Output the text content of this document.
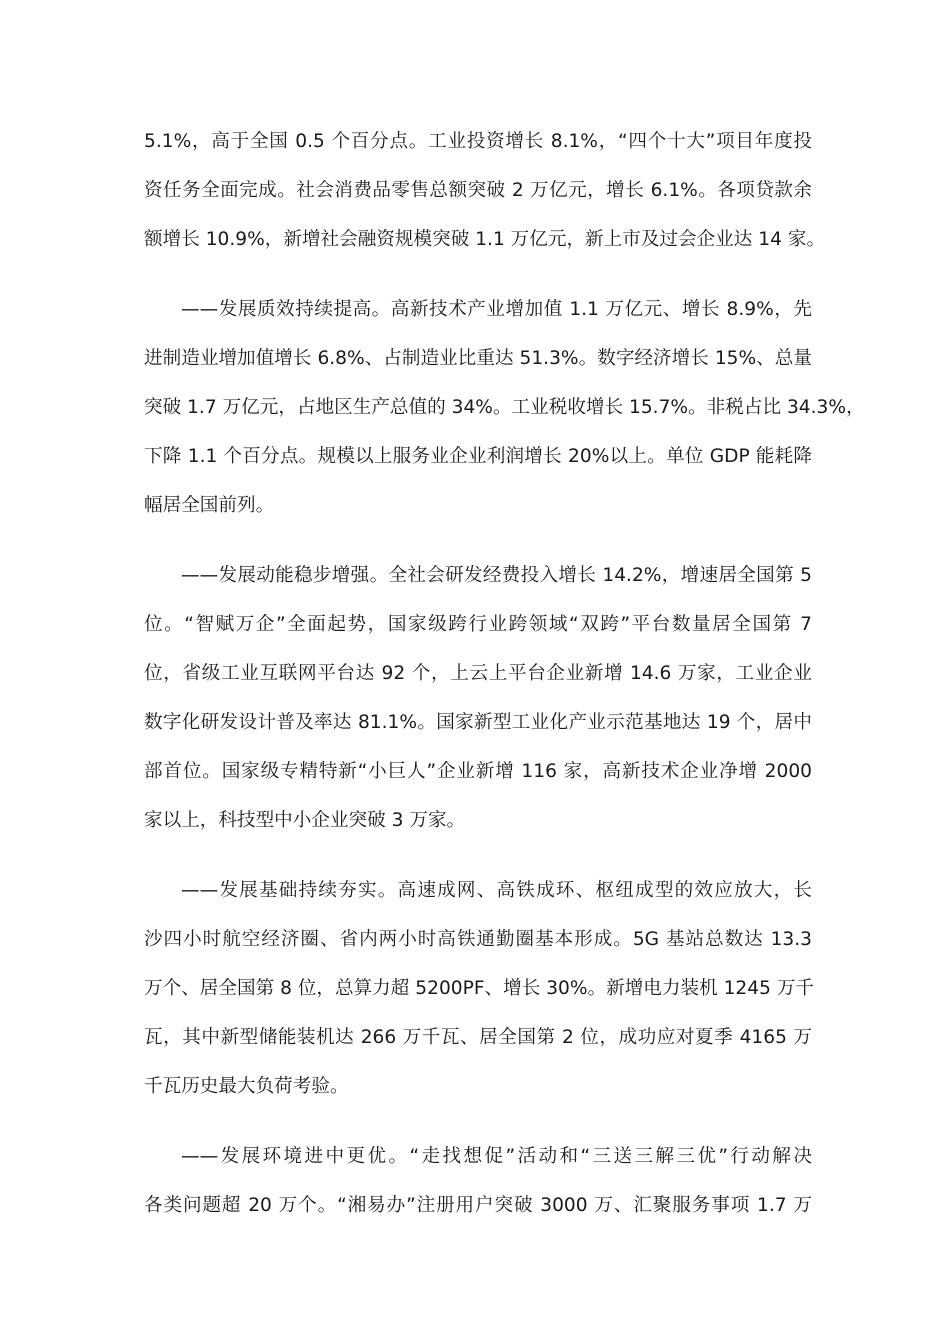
5.1%，高于全国 0.5 个百分点。工业投资增长 8.1%，“四个十大”项目年度投
资任务全面完成。社会消费品零售总额突破 2 万亿元，增长 6.1%。各项贷款余
额增长 10.9%，新增社会融资规模突破 1.1 万亿元，新上市及过会企业达 14 家。
——发展质效持续提高。高新技术产业增加值 1.1 万亿元、增长 8.9%，先
进制造业增加值增长 6.8%、占制造业比重达 51.3%。数字经济增长 15%、总量
突破 1.7 万亿元，占地区生产总值的 34%。工业税收增长 15.7%。非税占比 34.3%，
下降 1.1 个百分点。规模以上服务业企业利润增长 20%以上。单位 GDP 能耗降
幅居全国前列。
——发展动能稳步增强。全社会研发经费投入增长 14.2%，增速居全国第 5
位。“智赋万企”全面起势，国家级跨行业跨领域“双跨”平台数量居全国第 7
位，省级工业互联网平台达 92 个，上云上平台企业新增 14.6 万家，工业企业
数字化研发设计普及率达 81.1%。国家新型工业化产业示范基地达 19 个，居中
部首位。国家级专精特新“小巨人”企业新增 116 家，高新技术企业净增 2000
家以上，科技型中小企业突破 3 万家。
——发展基础持续夯实。高速成网、高铁成环、枢纽成型的效应放大，长
沙四小时航空经济圈、省内两小时高铁通勤圈基本形成。5G 基站总数达 13.3
万个、居全国第 8 位，总算力超 5200PF、增长 30%。新增电力装机 1245 万千
瓦，其中新型储能装机达 266 万千瓦、居全国第 2 位，成功应对夏季 4165 万
千瓦历史最大负荷考验。
——发展环境进中更优。“走找想促”活动和“三送三解三优”行动解决
各类问题超 20 万个。“湘易办”注册用户突破 3000 万、汇聚服务事项 1.7 万
